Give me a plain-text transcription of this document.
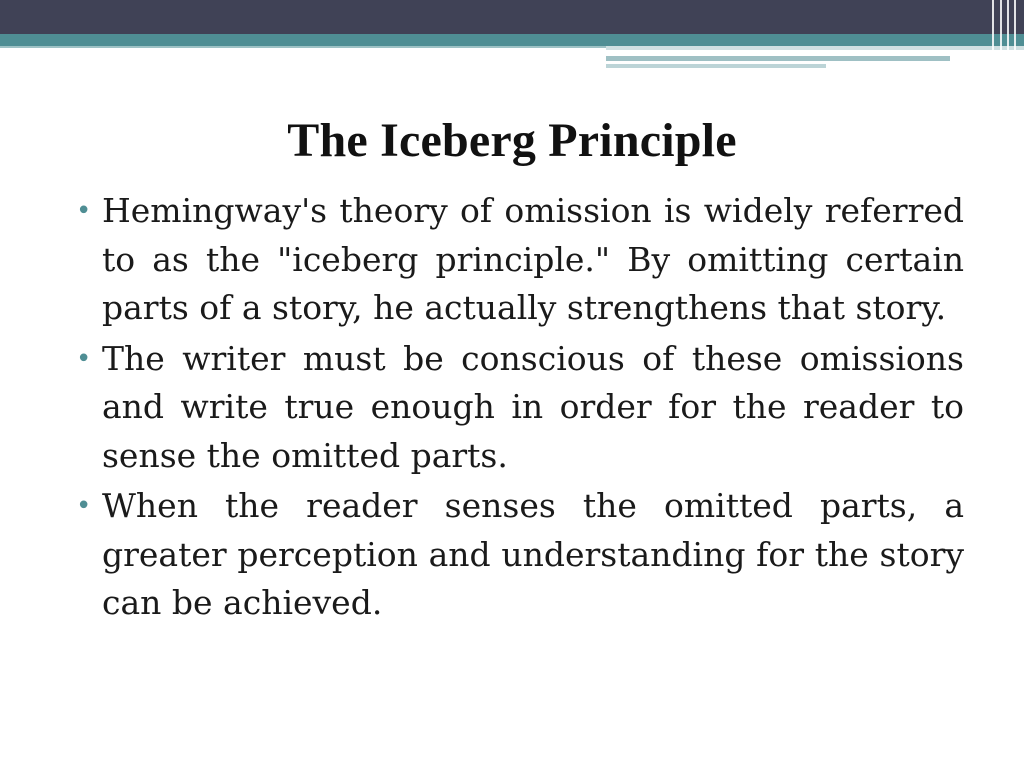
The Iceberg Principle
• Hemingway's theory of omission is widely referred to as the "iceberg principle." By omitting certain parts of a story, he actually strengthens that story.
• The writer must be conscious of these omissions and write true enough in order for the reader to sense the omitted parts.
• When the reader senses the omitted parts, a greater perception and understanding for the story can be achieved.
